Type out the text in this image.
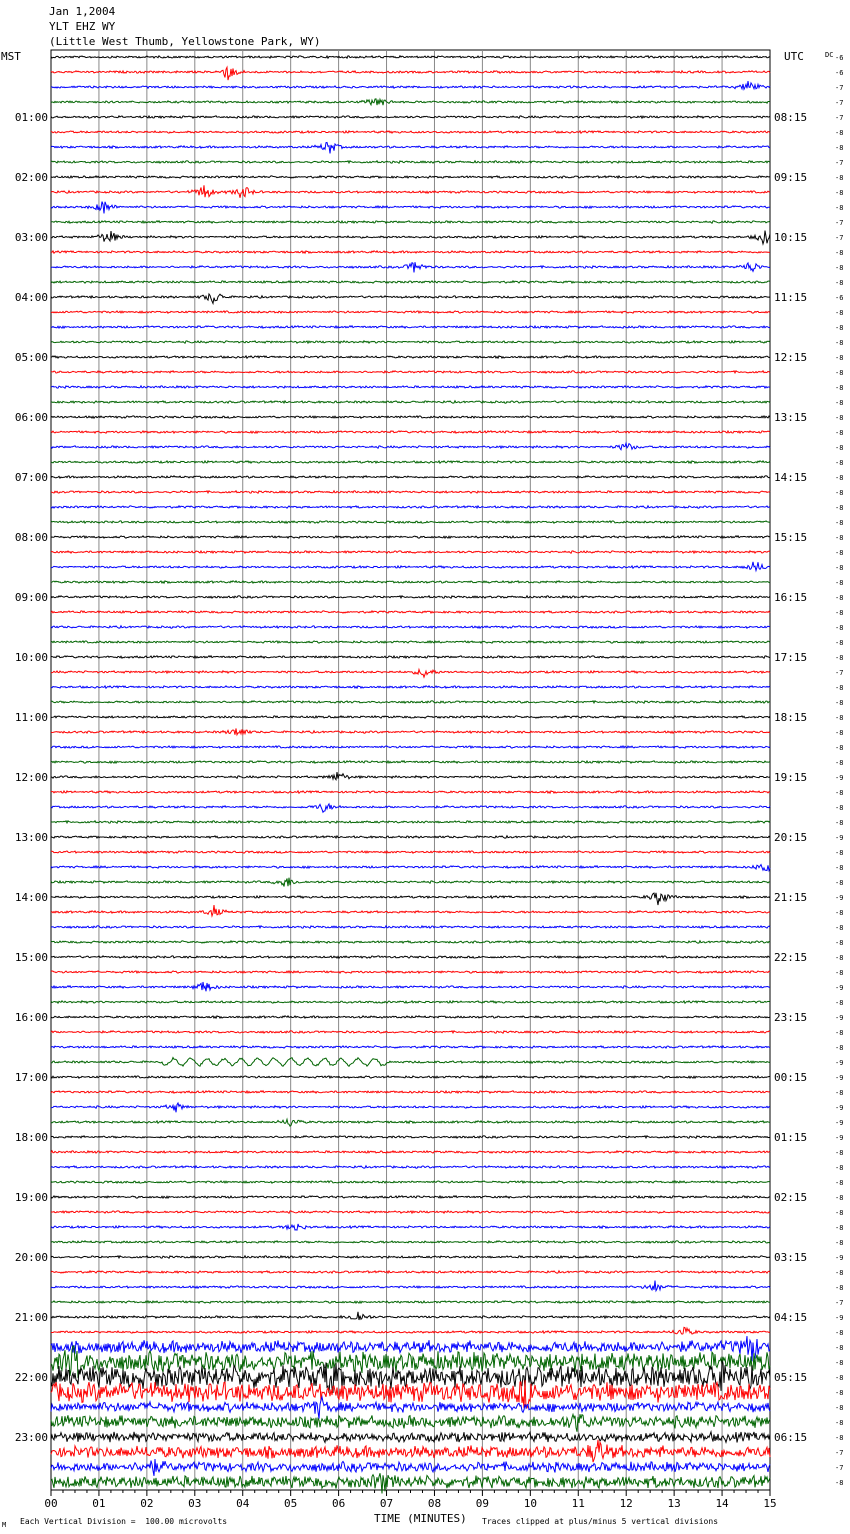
00	01	02	03	04	05	06	07	08	09	10	11	12	13	14	15
-6
-6
-7
-7
-7
-8
-8
-7
-8
-8
-8
-7
-7
-8
-8
-8
-6
-8
-8
-8
-8
-8
-8
-8
-8
-8
-8
-8
-8
-8
-8
-8
-8
-8
-8
-8
-8
-8
-8
-8
-8
-7
-8
-8
-8
-8
-8
-8
-9
-8
-8
-8
-9
-8
-8
-8
-9
-8
-8
-8
-8
-8
-9
-8
-9
-8
-8
-9
-9
-8
-9
-9
-9
-8
-8
-8
-8
-8
-8
-8
-9
-8
-8
-7
-9
-8
-8
-8
-8
-8
-8
-8
-8
-7
-7
-8
01:00
02:00
03:00
04:00
05:00
06:00
07:00
08:00
09:00
10:00
11:00
12:00
13:00
14:00
15:00
16:00
17:00
18:00
19:00
20:00
21:00
22:00
23:00
08:15
09:15
10:15
11:15
12:15
13:15
14:15
15:15
16:15
17:15
18:15
19:15
20:15
21:15
22:15
23:15
00:15
01:15
02:15
03:15
04:15
05:15
06:15
Jan 1,2004
YLT EHZ WY
(Little West Thumb, Yellowstone Park, WY)
MST	UTC	DC
TIME (MINUTES)
Each Vertical Division =  100.00 microvolts	Traces clipped at plus/minus 5 vertical divisions
M
